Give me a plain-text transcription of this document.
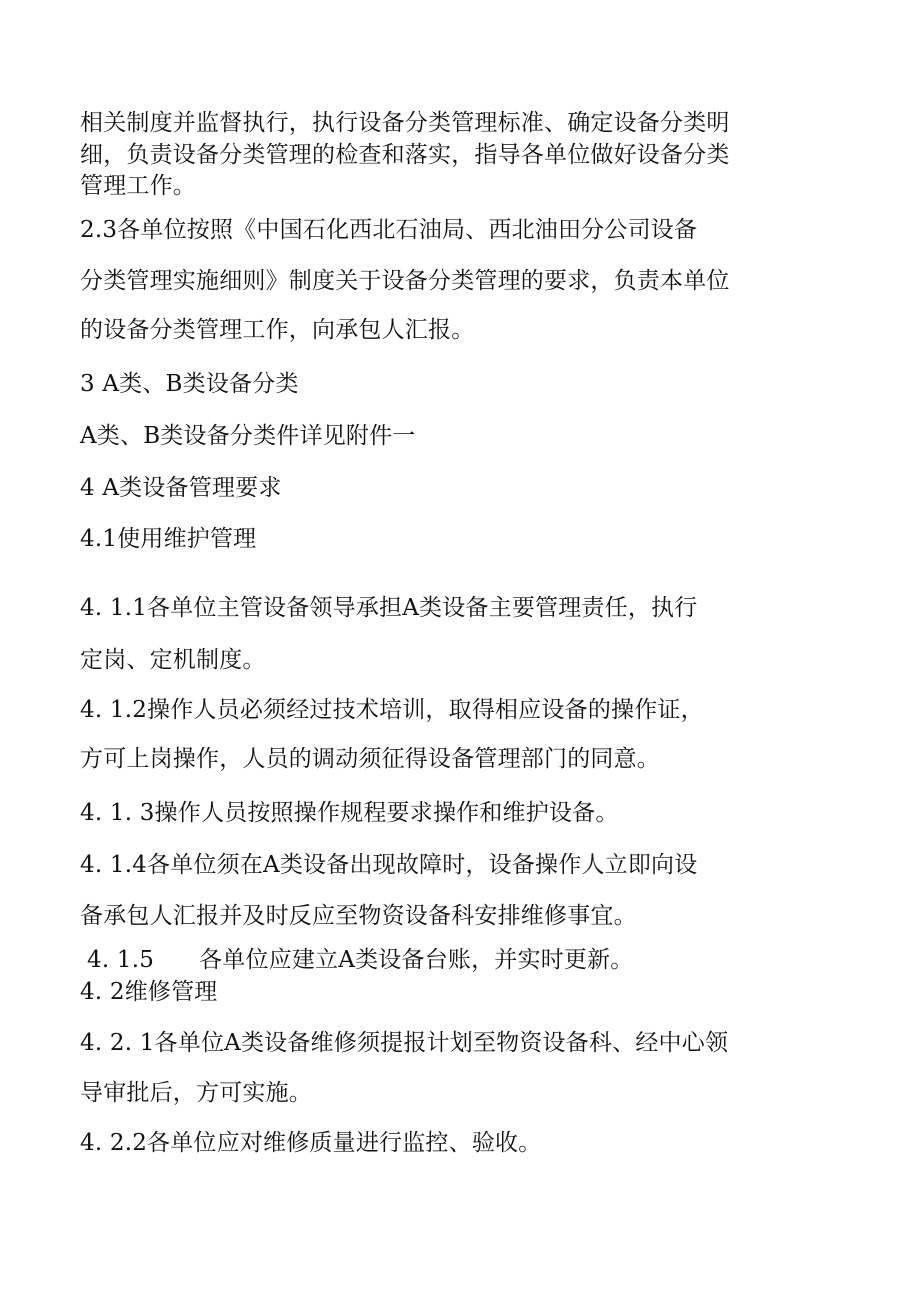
相关制度并监督执行，执行设备分类管理标准、确定设备分类明
细，负责设备分类管理的检查和落实，指导各单位做好设备分类
管理工作。
2.3各单位按照《中国石化西北石油局、西北油田分公司设备
分类管理实施细则》制度关于设备分类管理的要求，负责本单位
的设备分类管理工作，向承包人汇报。
3 A类、B类设备分类
A类、B类设备分类件详见附件一
4 A类设备管理要求
4.1使用维护管理
4. 1.1各单位主管设备领导承担A类设备主要管理责任，执行
定岗、定机制度。
4. 1.2操作人员必须经过技术培训，取得相应设备的操作证，
方可上岗操作，人员的调动须征得设备管理部门的同意。
4. 1. 3操作人员按照操作规程要求操作和维护设备。
4. 1.4各单位须在A类设备出现故障时，设备操作人立即向设
备承包人汇报并及时反应至物资设备科安排维修事宜。
4. 1.5      各单位应建立A类设备台账，并实时更新。
4. 2维修管理
4. 2. 1各单位A类设备维修须提报计划至物资设备科、经中心领
导审批后，方可实施。
4. 2.2各单位应对维修质量进行监控、验收。
